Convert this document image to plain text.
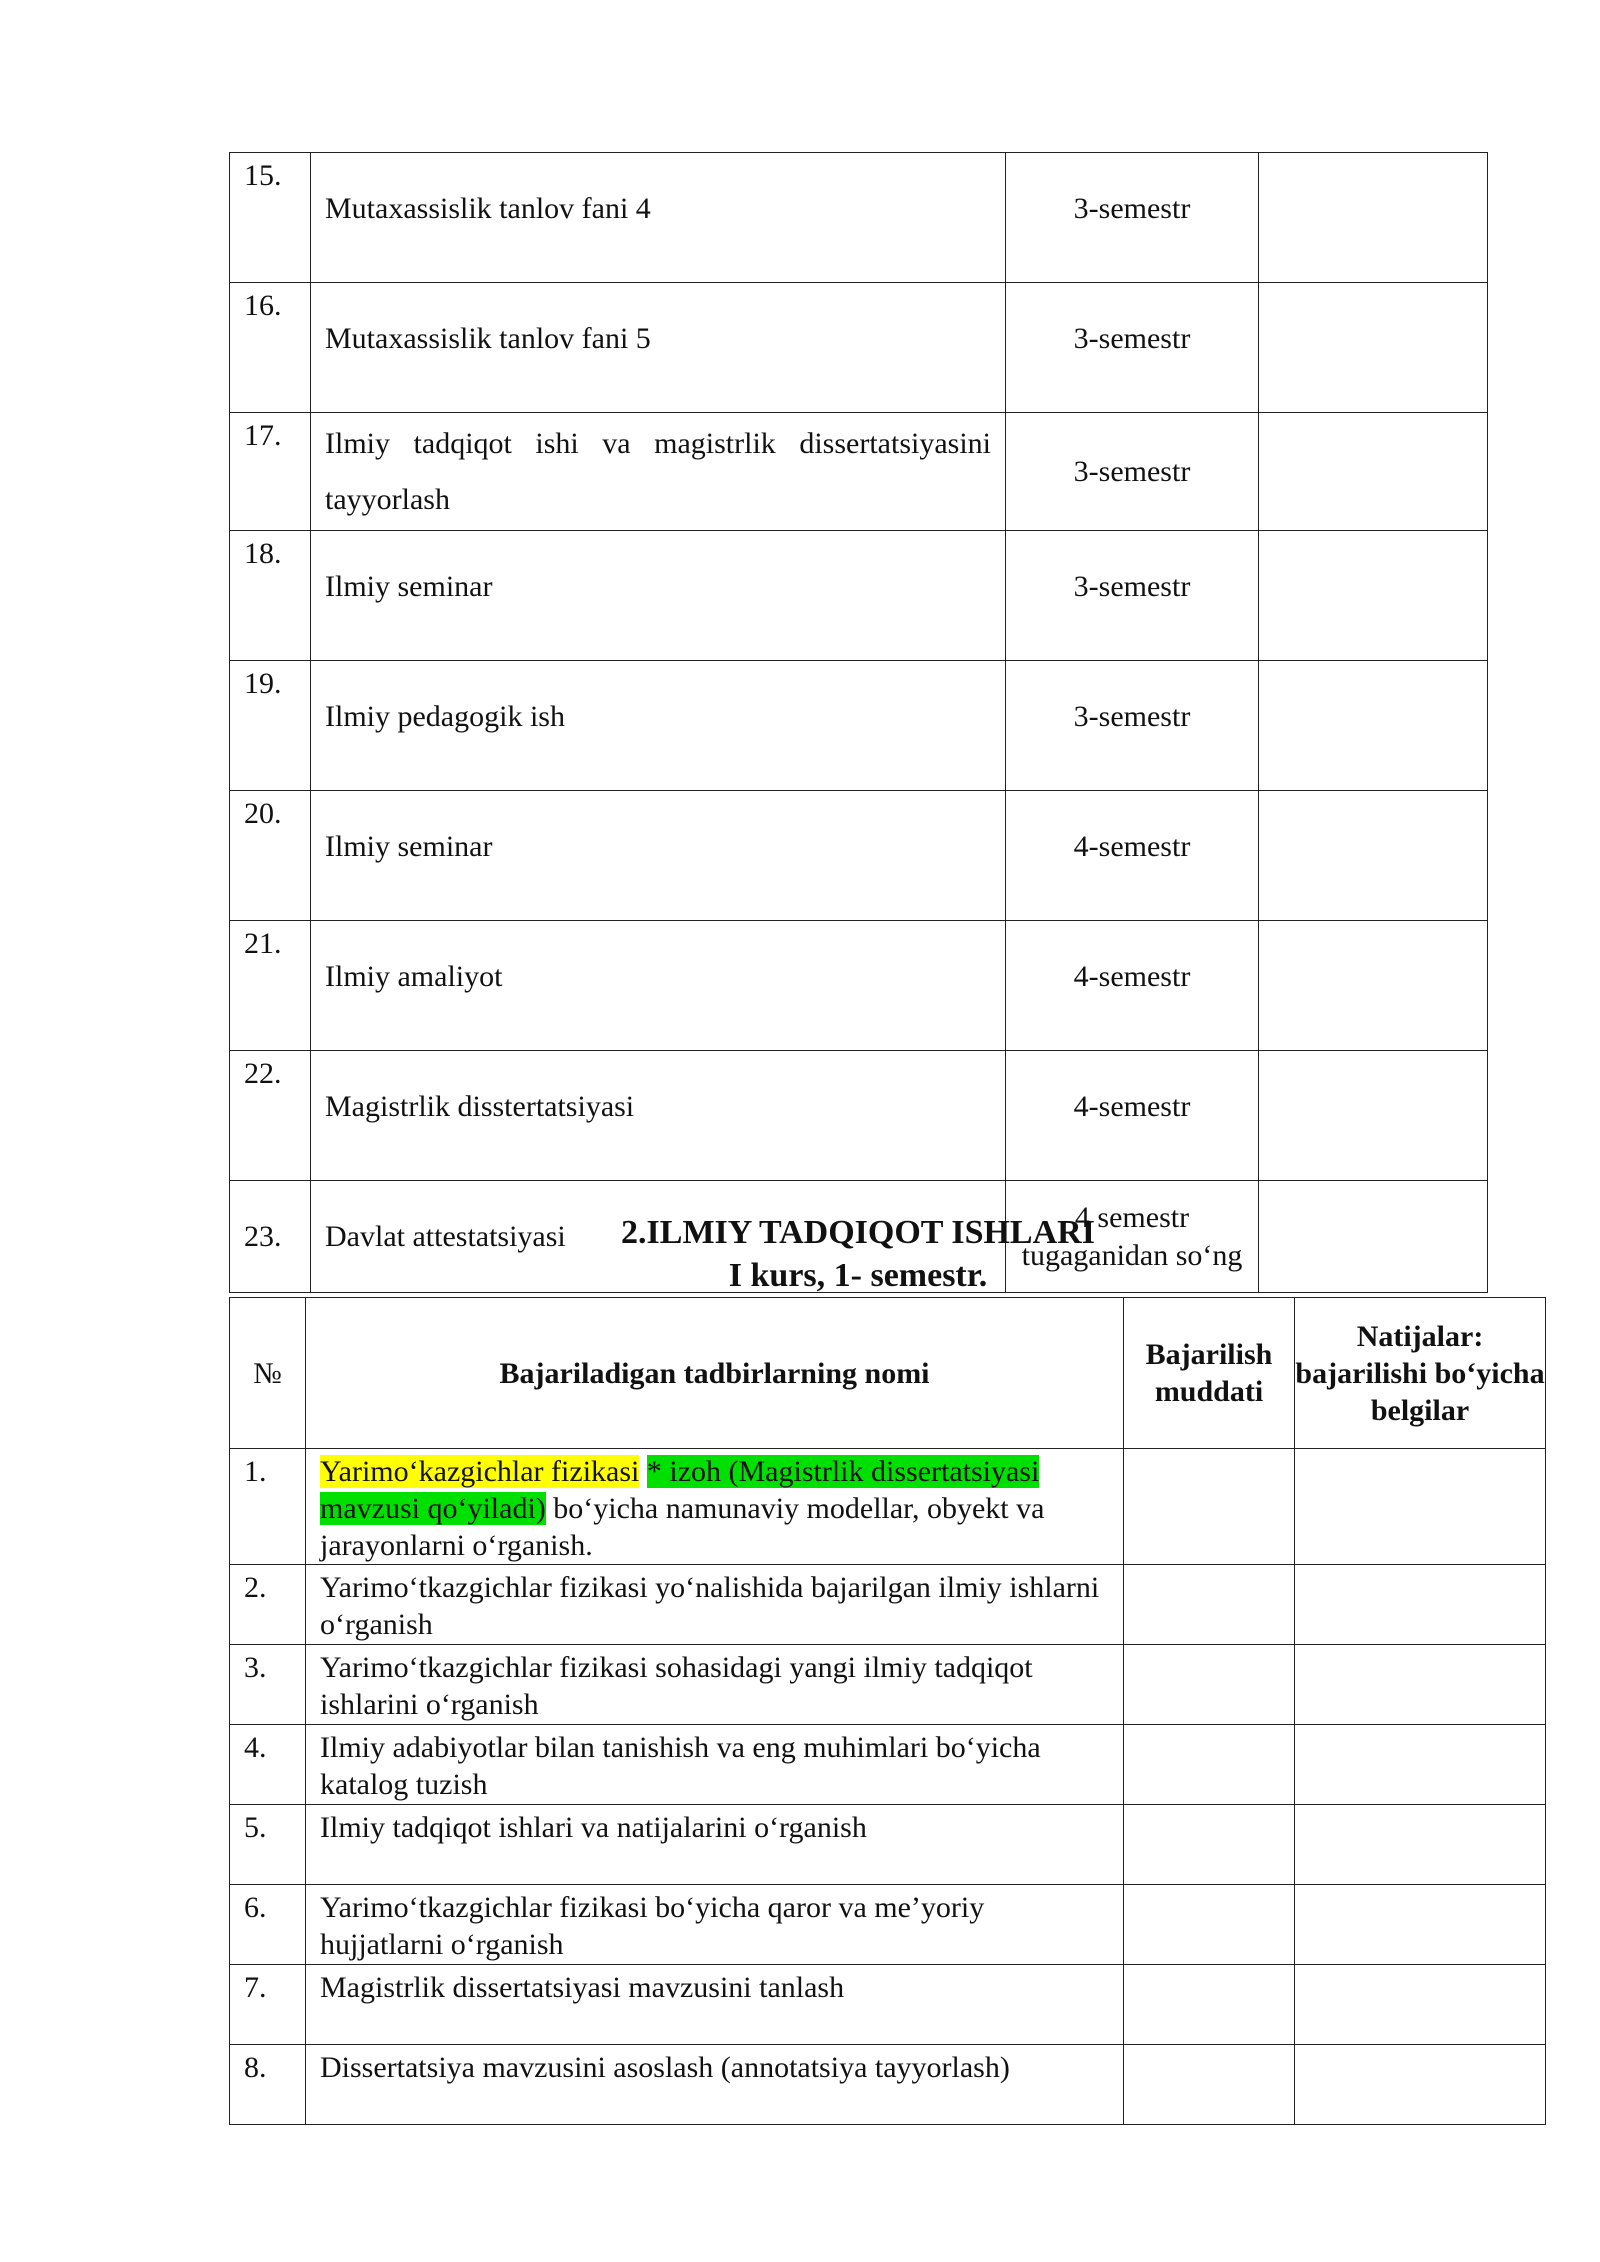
15.	Mutaxassislik tanlov fani 4	3-semestr	
16.	Mutaxassislik tanlov fani 5	3-semestr	
17.	Ilmiy tadqiqot ishi va magistrlik dissertatsiyasini tayyorlash	3-semestr	
18.	Ilmiy seminar	3-semestr	
19.	Ilmiy pedagogik ish	3-semestr	
20.	Ilmiy seminar	4-semestr	
21.	Ilmiy amaliyot	4-semestr	
22.	Magistrlik disstertatsiyasi	4-semestr	
23.	Davlat attestatsiyasi	4 semestr tugaganidan so‘ng	
2.ILMIY TADQIQOT ISHLARI
I kurs, 1- semestr.
№	Bajariladigan tadbirlarning nomi	Bajarilish muddati	Natijalar: bajarilishi bo‘yicha belgilar
1.	Yarimo‘kazgichlar fizikasi * izoh (Magistrlik dissertatsiyasi mavzusi qo‘yiladi) bo‘yicha namunaviy modellar, obyekt va jarayonlarni o‘rganish.		
2.	Yarimo‘tkazgichlar fizikasi yo‘nalishida bajarilgan ilmiy ishlarni o‘rganish		
3.	Yarimo‘tkazgichlar fizikasi sohasidagi yangi ilmiy tadqiqot ishlarini o‘rganish		
4.	Ilmiy adabiyotlar bilan tanishish va eng muhimlari bo‘yicha katalog tuzish		
5.	Ilmiy tadqiqot ishlari va natijalarini o‘rganish		
6.	Yarimo‘tkazgichlar fizikasi bo‘yicha qaror va me’yoriy hujjatlarni o‘rganish		
7.	Magistrlik dissertatsiyasi mavzusini tanlash		
8.	Dissertatsiya mavzusini asoslash (annotatsiya tayyorlash)		
